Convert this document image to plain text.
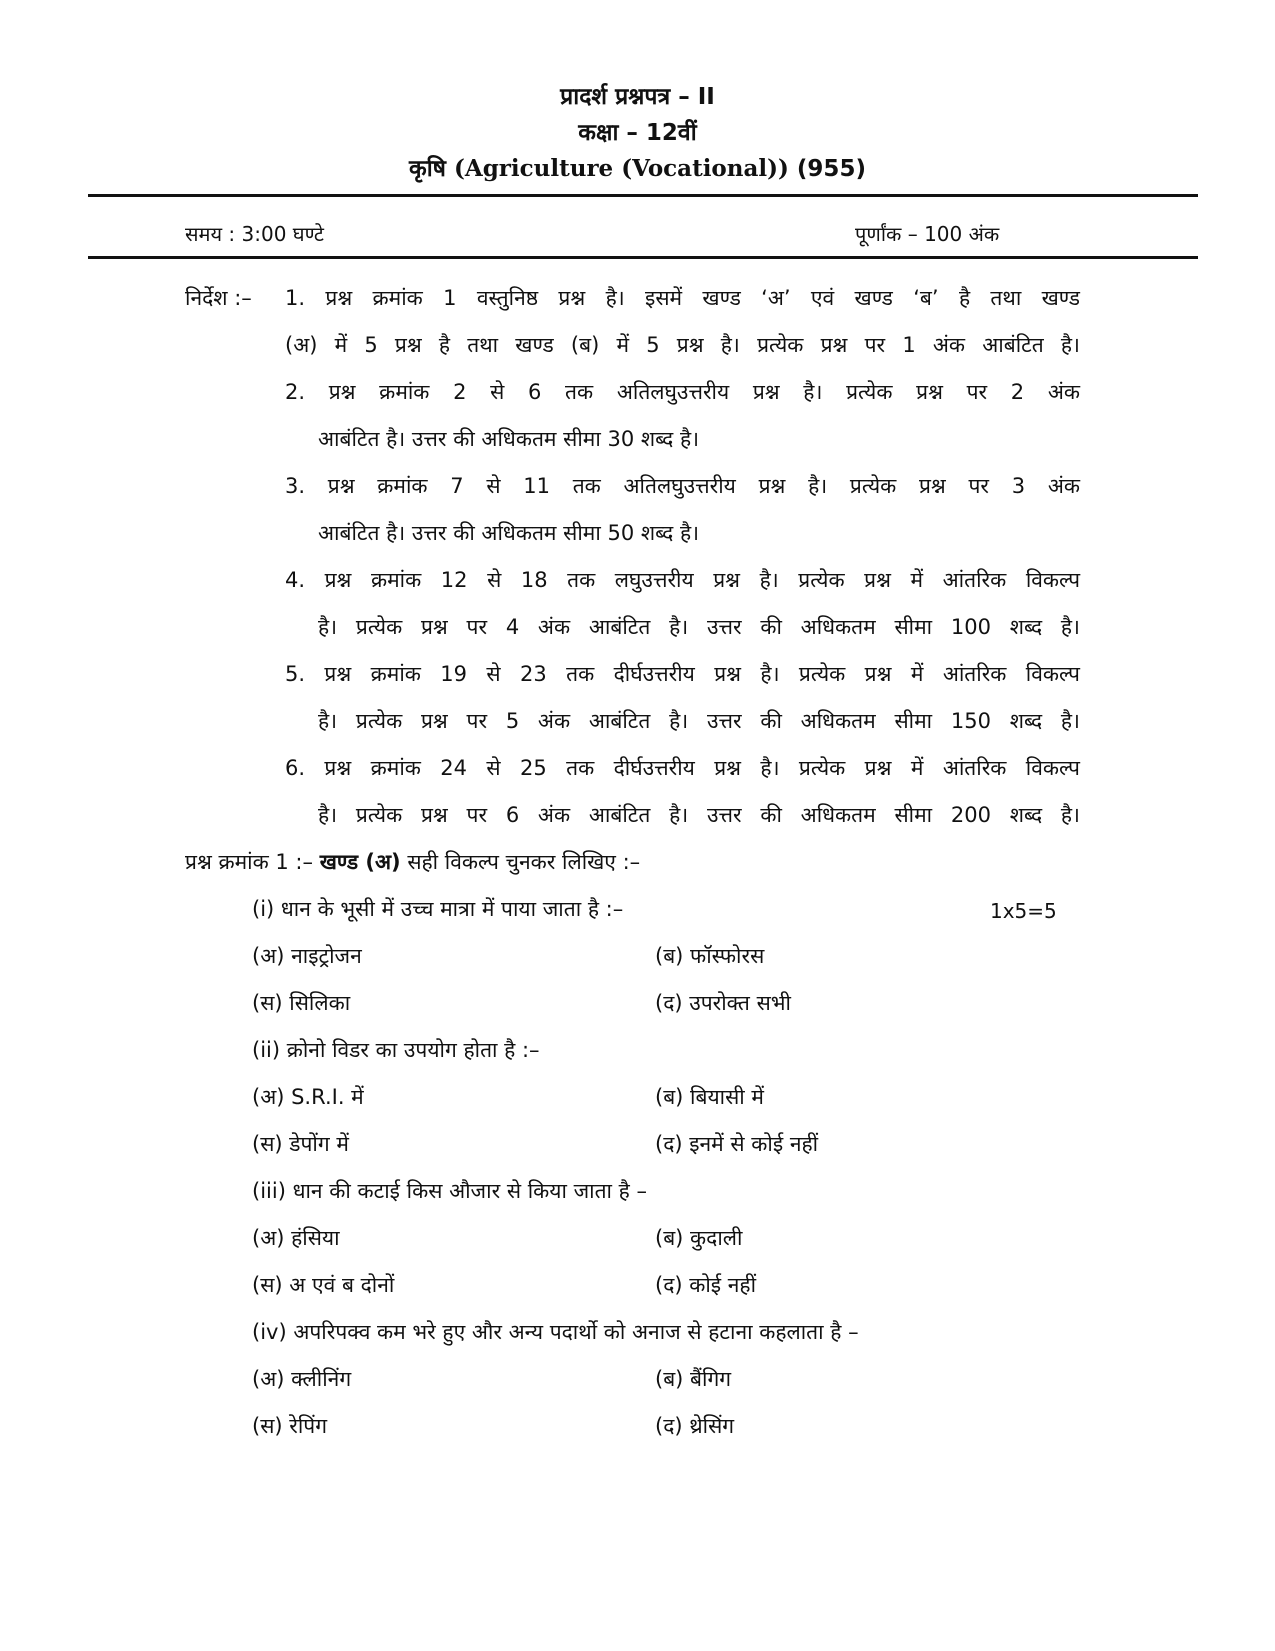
प्रादर्श प्रश्नपत्र – II
कक्षा – 12वीं
कृषि (Agriculture (Vocational)) (955)
समय : 3:00 घण्टे	पूर्णांक – 100 अंक
निर्देश :– 1. प्रश्न क्रमांक 1 वस्तुनिष्ठ प्रश्न है। इसमें खण्ड ‘अ’ एवं खण्ड ‘ब’ है तथा खण्ड
(अ) में 5 प्रश्न है तथा खण्ड (ब) में 5 प्रश्न है। प्रत्येक प्रश्न पर 1 अंक आबंटित है।
2. प्रश्न क्रमांक 2 से 6 तक अतिलघुउत्तरीय प्रश्न है। प्रत्येक प्रश्न पर 2 अंक
आबंटित है। उत्तर की अधिकतम सीमा 30 शब्द है।
3. प्रश्न क्रमांक 7 से 11 तक अतिलघुउत्तरीय प्रश्न है। प्रत्येक प्रश्न पर 3 अंक
आबंटित है। उत्तर की अधिकतम सीमा 50 शब्द है।
4. प्रश्न क्रमांक 12 से 18 तक लघुउत्तरीय प्रश्न है। प्रत्येक प्रश्न में आंतरिक विकल्प
है। प्रत्येक प्रश्न पर 4 अंक आबंटित है। उत्तर की अधिकतम सीमा 100 शब्द है।
5. प्रश्न क्रमांक 19 से 23 तक दीर्घउत्तरीय प्रश्न है। प्रत्येक प्रश्न में आंतरिक विकल्प
है। प्रत्येक प्रश्न पर 5 अंक आबंटित है। उत्तर की अधिकतम सीमा 150 शब्द है।
6. प्रश्न क्रमांक 24 से 25 तक दीर्घउत्तरीय प्रश्न है। प्रत्येक प्रश्न में आंतरिक विकल्प
है। प्रत्येक प्रश्न पर 6 अंक आबंटित है। उत्तर की अधिकतम सीमा 200 शब्द है।
प्रश्न क्रमांक 1 :– खण्ड (अ) सही विकल्प चुनकर लिखिए :–
(i) धान के भूसी में उच्च मात्रा में पाया जाता है :–	1x5=5
(अ) नाइट्रोजन	(ब) फॉस्फोरस
(स) सिलिका	(द) उपरोक्त सभी
(ii) क्रोनो विडर का उपयोग होता है :–
(अ) S.R.I. में	(ब) बियासी में
(स) डेपोंग में	(द) इनमें से कोई नहीं
(iii) धान की कटाई किस औजार से किया जाता है –
(अ) हंसिया	(ब) कुदाली
(स) अ एवं ब दोनों	(द) कोई नहीं
(iv) अपरिपक्व कम भरे हुए और अन्य पदार्थो को अनाज से हटाना कहलाता है –
(अ) क्लीनिंग	(ब) बैंगिग
(स) रेपिंग	(द) थ्रेसिंग
